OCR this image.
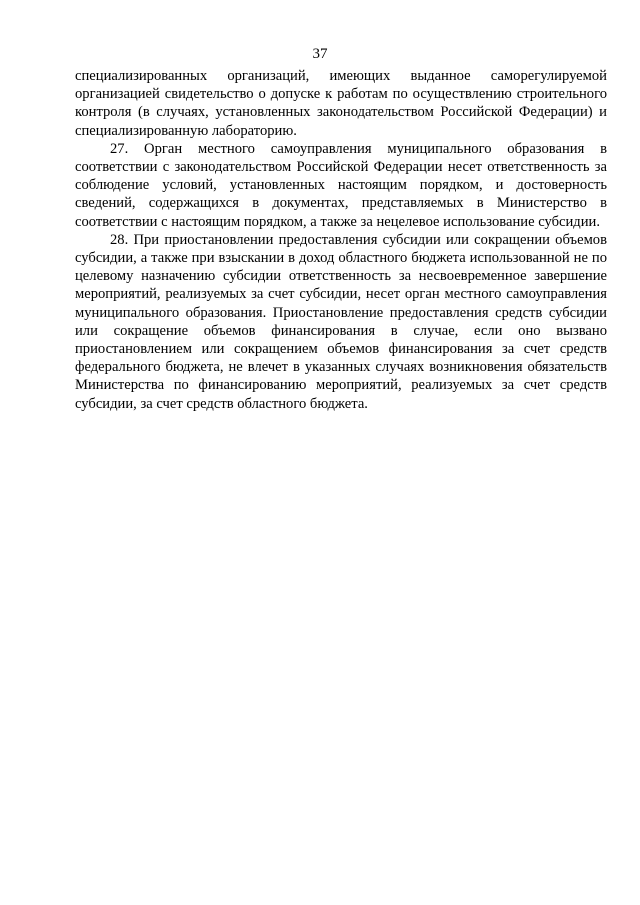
37

специализированных организаций, имеющих выданное саморегулируемой организацией свидетельство о допуске к работам по осуществлению строительного контроля (в случаях, установленных законодательством Российской Федерации) и специализированную лабораторию.

27. Орган местного самоуправления муниципального образования в соответствии с законодательством Российской Федерации несет ответственность за соблюдение условий, установленных настоящим порядком, и достоверность сведений, содержащихся в документах, представляемых в Министерство в соответствии с настоящим порядком, а также за нецелевое использование субсидии.

28. При приостановлении предоставления субсидии или сокращении объемов субсидии, а также при взыскании в доход областного бюджета использованной не по целевому назначению субсидии ответственность за несвоевременное завершение мероприятий, реализуемых за счет субсидии, несет орган местного самоуправления муниципального образования. Приостановление предоставления средств субсидии или сокращение объемов финансирования в случае, если оно вызвано приостановлением или сокращением объемов финансирования за счет средств федерального бюджета, не влечет в указанных случаях возникновения обязательств Министерства по финансированию мероприятий, реализуемых за счет средств субсидии, за счет средств областного бюджета.
